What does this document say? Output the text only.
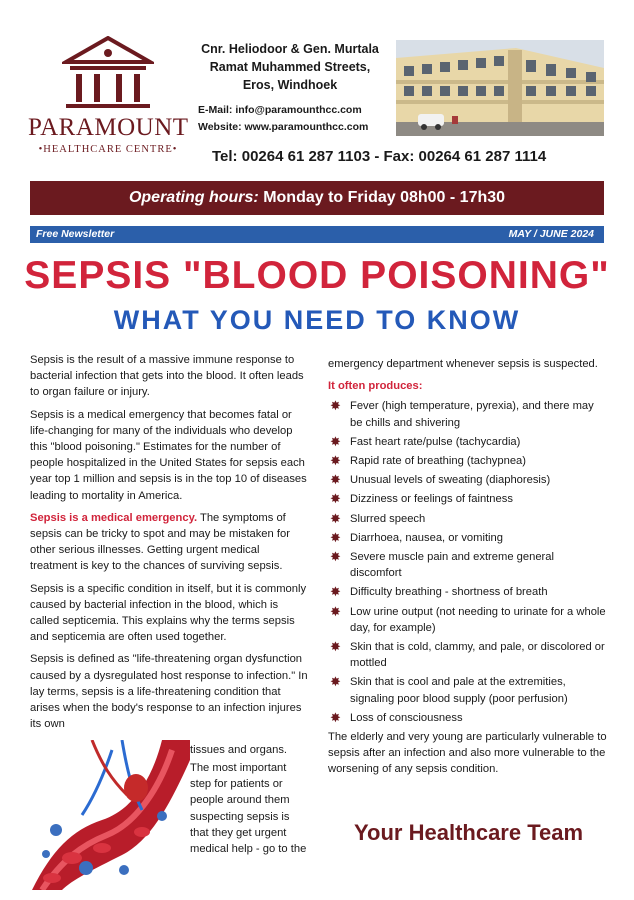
PARAMOUNT
•HEALTHCARE CENTRE•
Cnr. Heliodoor & Gen. Murtala
Ramat Muhammed Streets,
Eros, Windhoek
E-Mail: info@paramounthcc.com
Website: www.paramounthcc.com
Tel: 00264 61 287 1103 - Fax: 00264 61 287 1114
Operating hours: Monday to Friday 08h00 - 17h30
Free Newsletter	MAY / JUNE 2024
SEPSIS "BLOOD POISONING"
WHAT YOU NEED TO KNOW

Sepsis is the result of a massive immune response to bacterial infection that gets into the blood. It often leads to organ failure or injury.

Sepsis is a medical emergency that becomes fatal or life-changing for many of the individuals who develop this "blood poisoning." Estimates for the number of people hospitalized in the United States for sepsis each year top 1 million and sepsis is in the top 10 of diseases leading to mortality in America.

Sepsis is a medical emergency. The symptoms of sepsis can be tricky to spot and may be mistaken for other serious illnesses. Getting urgent medical treatment is key to the chances of surviving sepsis.

Sepsis is a specific condition in itself, but it is commonly caused by bacterial infection in the blood, which is called septicemia. This explains why the terms sepsis and septicemia are often used together.

Sepsis is defined as "life-threatening organ dysfunction caused by a dysregulated host response to infection." In lay terms, sepsis is a life-threatening condition that arises when the body's response to an infection injures its own

tissues and organs.
The most important step for patients or people around them suspecting sepsis is that they get urgent medical help - go to the

emergency department whenever sepsis is suspected.

It often produces:
✸ Fever (high temperature, pyrexia), and there may be chills and shivering
✸ Fast heart rate/pulse (tachycardia)
✸ Rapid rate of breathing (tachypnea)
✸ Unusual levels of sweating (diaphoresis)
✸ Dizziness or feelings of faintness
✸ Slurred speech
✸ Diarrhoea, nausea, or vomiting
✸ Severe muscle pain and extreme general discomfort
✸ Difficulty breathing - shortness of breath
✸ Low urine output (not needing to urinate for a whole day, for example)
✸ Skin that is cold, clammy, and pale, or discolored or mottled
✸ Skin that is cool and pale at the extremities, signaling poor blood supply (poor perfusion)
✸ Loss of consciousness

The elderly and very young are particularly vulnerable to sepsis after an infection and also more vulnerable to the worsening of any sepsis condition.

Your Healthcare Team
